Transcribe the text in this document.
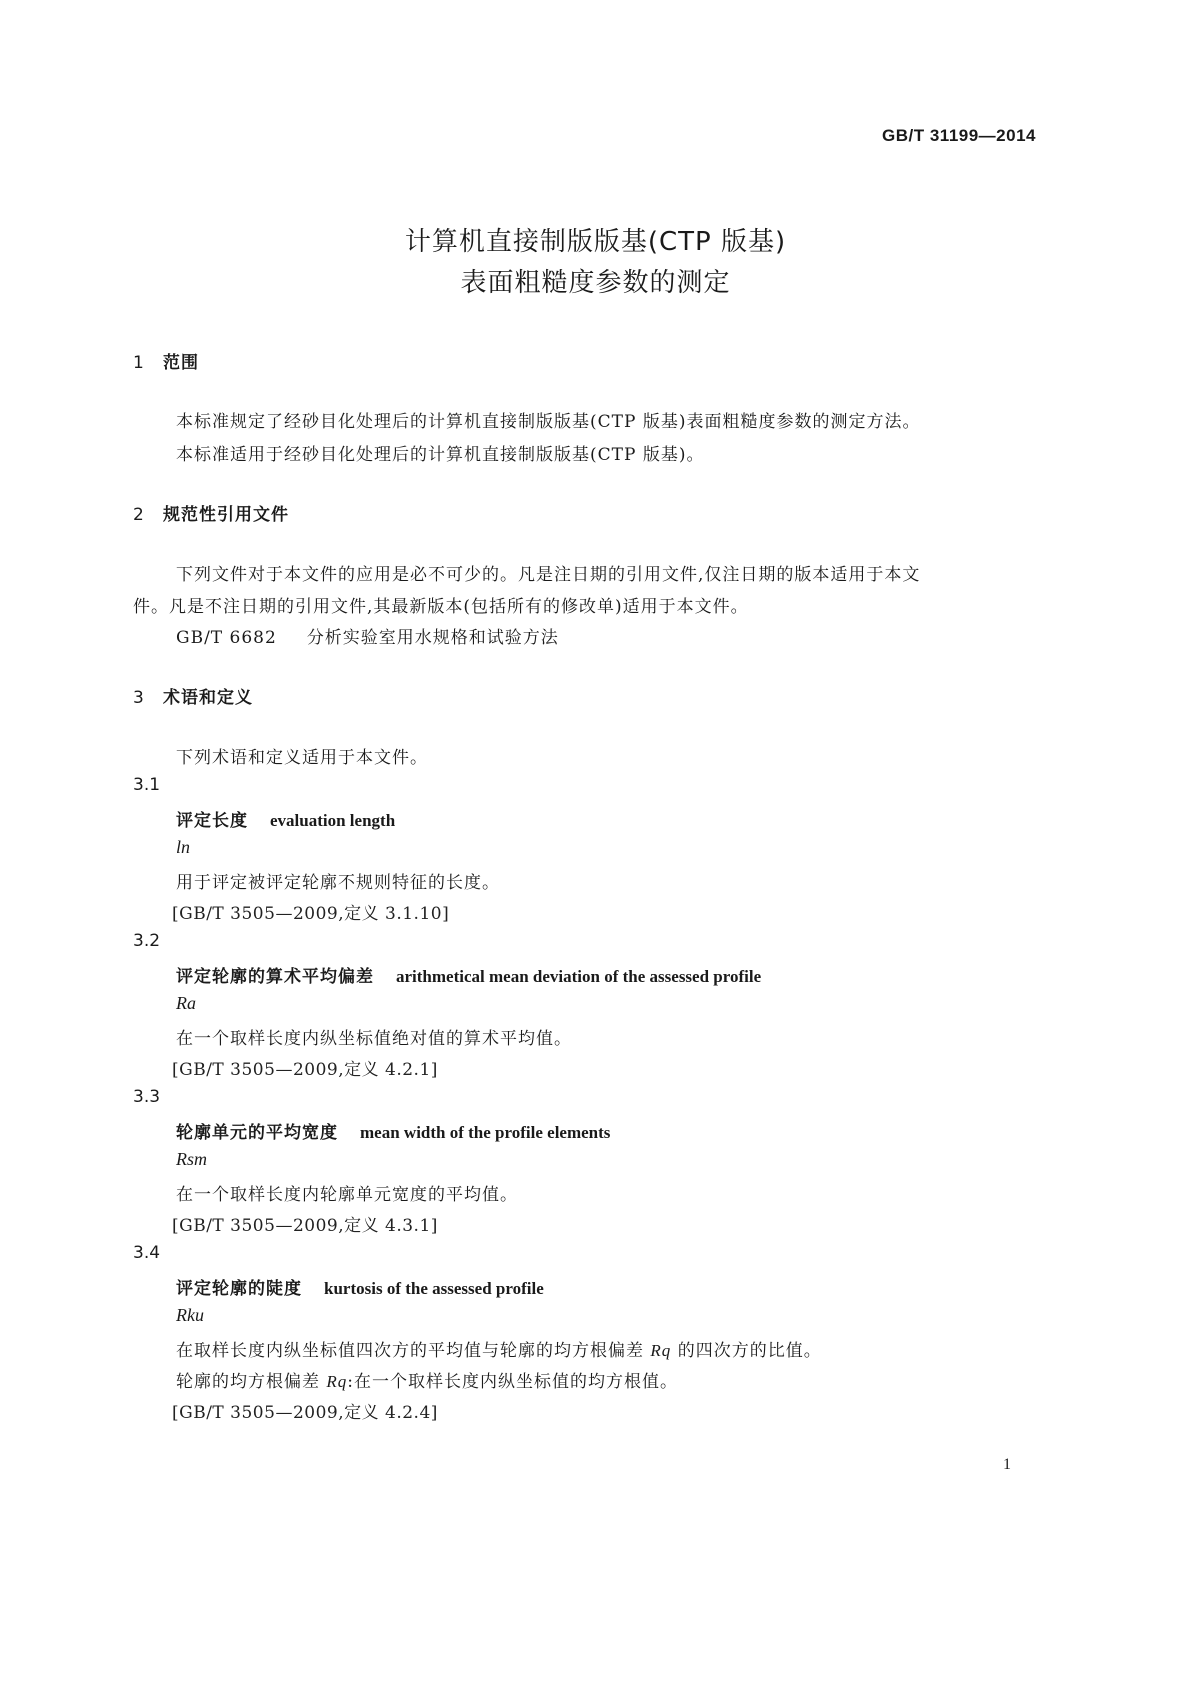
GB/T 31199—2014
计算机直接制版版基(CTP 版基)
表面粗糙度参数的测定
1 范围
本标准规定了经砂目化处理后的计算机直接制版版基(CTP 版基)表面粗糙度参数的测定方法。
本标准适用于经砂目化处理后的计算机直接制版版基(CTP 版基)。
2 规范性引用文件
下列文件对于本文件的应用是必不可少的。凡是注日期的引用文件,仅注日期的版本适用于本文
件。凡是不注日期的引用文件,其最新版本(包括所有的修改单)适用于本文件。
GB/T 6682 分析实验室用水规格和试验方法
3 术语和定义
下列术语和定义适用于本文件。
3.1
评定长度 evaluation length
ln
用于评定被评定轮廓不规则特征的长度。
[GB/T 3505—2009,定义 3.1.10]
3.2
评定轮廓的算术平均偏差 arithmetical mean deviation of the assessed profile
Ra
在一个取样长度内纵坐标值绝对值的算术平均值。
[GB/T 3505—2009,定义 4.2.1]
3.3
轮廓单元的平均宽度 mean width of the profile elements
Rsm
在一个取样长度内轮廓单元宽度的平均值。
[GB/T 3505—2009,定义 4.3.1]
3.4
评定轮廓的陡度 kurtosis of the assessed profile
Rku
在取样长度内纵坐标值四次方的平均值与轮廓的均方根偏差 Rq 的四次方的比值。
轮廓的均方根偏差 Rq:在一个取样长度内纵坐标值的均方根值。
[GB/T 3505—2009,定义 4.2.4]
1
